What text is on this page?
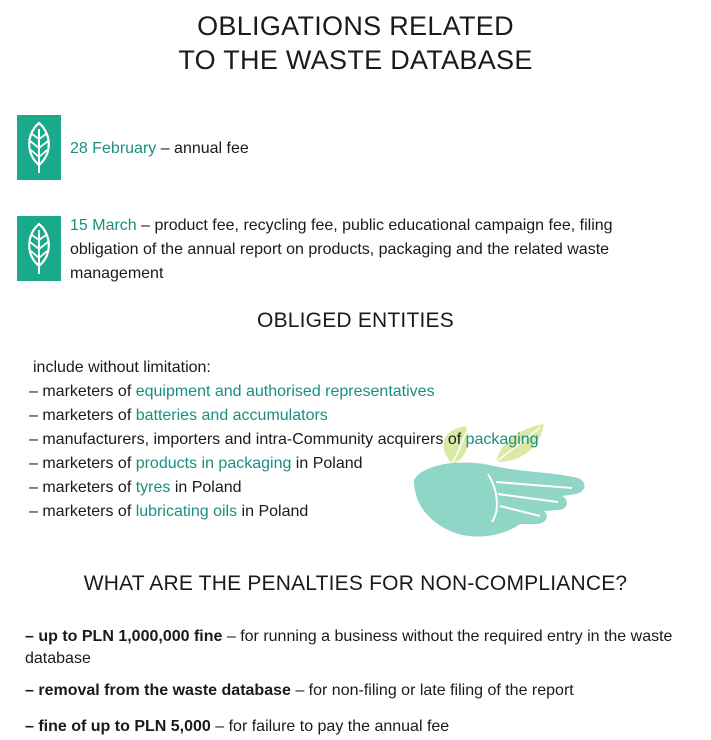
OBLIGATIONS RELATED
TO THE WASTE DATABASE
28 February – annual fee
15 March – product fee, recycling fee, public educational campaign fee, filing obligation of the annual report on products, packaging and the related waste management
OBLIGED ENTITIES
include without limitation:
– marketers of equipment and authorised representatives
– marketers of batteries and accumulators
– manufacturers, importers and intra-Community acquirers of packaging
– marketers of products in packaging in Poland
– marketers of tyres in Poland
– marketers of lubricating oils in Poland
WHAT ARE THE PENALTIES FOR NON-COMPLIANCE?
– up to PLN 1,000,000 fine – for running a business without the required entry in the waste database
– removal from the waste database – for non-filing or late filing of the report
– fine of up to PLN 5,000 – for failure to pay the annual fee
